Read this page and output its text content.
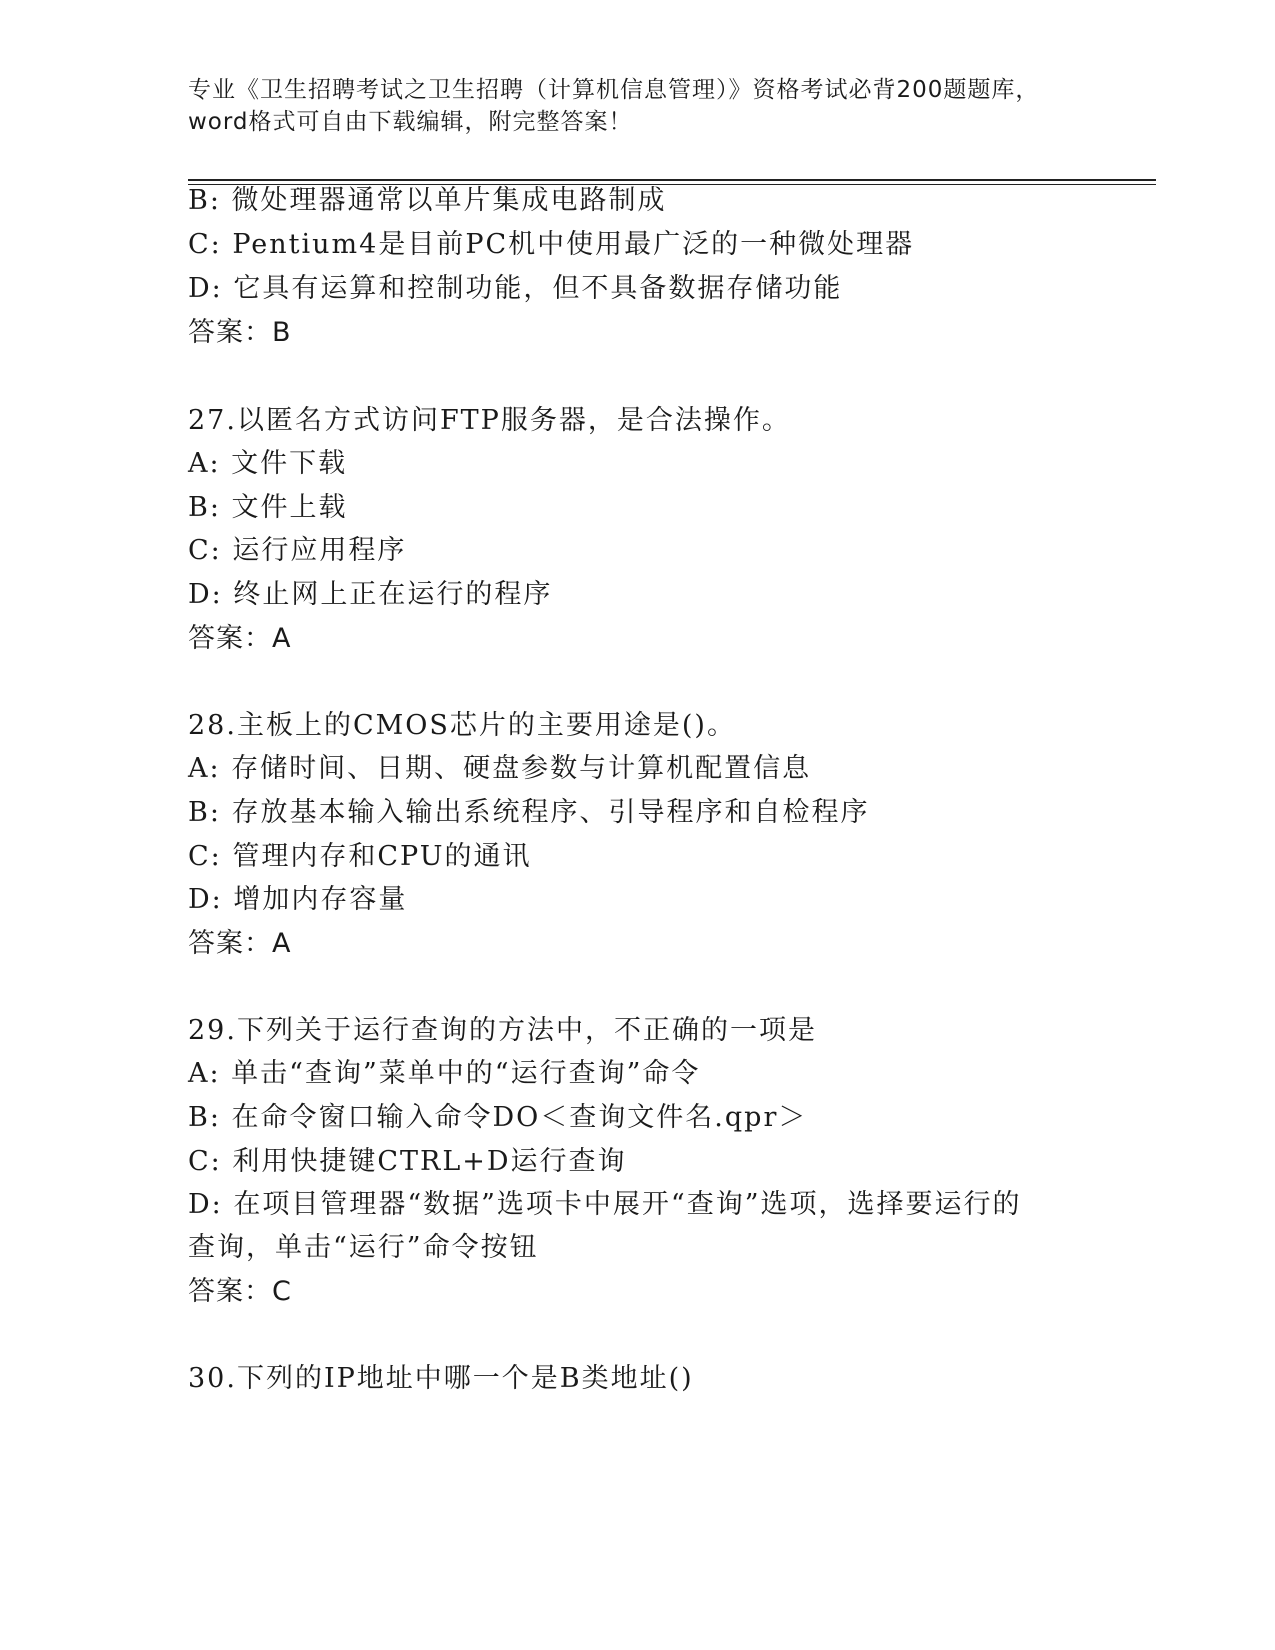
专业《卫生招聘考试之卫生招聘（计算机信息管理）》资格考试必背200题题库，
word格式可自由下载编辑，附完整答案！
B: 微处理器通常以单片集成电路制成
C: Pentium4是目前PC机中使用最广泛的一种微处理器
D: 它具有运算和控制功能，但不具备数据存储功能
答案：B
27.以匿名方式访问FTP服务器，是合法操作。
A: 文件下载
B: 文件上载
C: 运行应用程序
D: 终止网上正在运行的程序
答案：A
28.主板上的CMOS芯片的主要用途是()。
A: 存储时间、日期、硬盘参数与计算机配置信息
B: 存放基本输入输出系统程序、引导程序和自检程序
C: 管理内存和CPU的通讯
D: 增加内存容量
答案：A
29.下列关于运行查询的方法中，不正确的一项是
A: 单击“查询”菜单中的“运行查询”命令
B: 在命令窗口输入命令DO＜查询文件名.qpr＞
C: 利用快捷键CTRL+D运行查询
D: 在项目管理器“数据”选项卡中展开“查询”选项，选择要运行的
查询，单击“运行”命令按钮
答案：C
30.下列的IP地址中哪一个是B类地址()
